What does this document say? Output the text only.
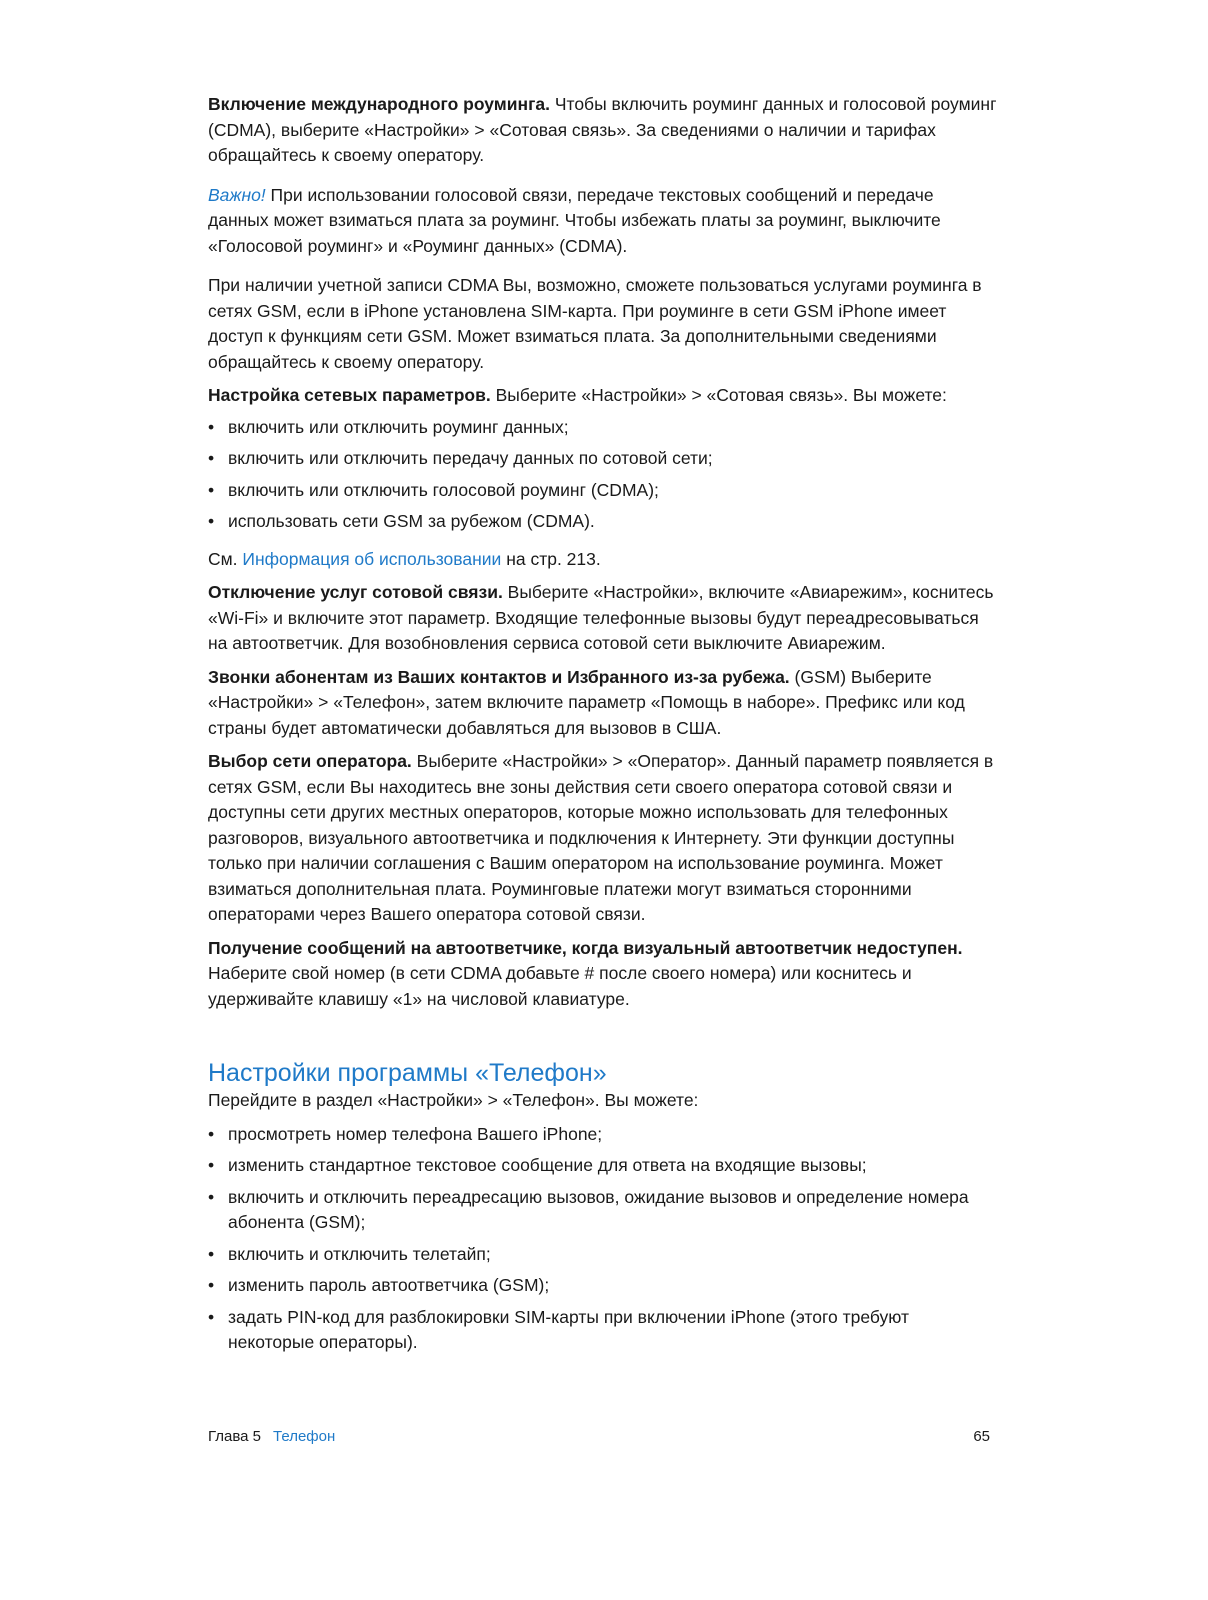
Включение международного роуминга. Чтобы включить роуминг данных и голосовой роуминг (CDMA), выберите «Настройки» > «Сотовая связь». За сведениями о наличии и тарифах обращайтесь к своему оператору.

Важно! При использовании голосовой связи, передаче текстовых сообщений и передаче данных может взиматься плата за роуминг. Чтобы избежать платы за роуминг, выключите «Голосовой роуминг» и «Роуминг данных» (CDMA).

При наличии учетной записи CDMA Вы, возможно, сможете пользоваться услугами роуминга в сетях GSM, если в iPhone установлена SIM-карта. При роуминге в сети GSM iPhone имеет доступ к функциям сети GSM. Может взиматься плата. За дополнительными сведениями обращайтесь к своему оператору.

Настройка сетевых параметров. Выберите «Настройки» > «Сотовая связь». Вы можете:

• включить или отключить роуминг данных;
• включить или отключить передачу данных по сотовой сети;
• включить или отключить голосовой роуминг (CDMA);
• использовать сети GSM за рубежом (CDMA).

См. Информация об использовании на стр. 213.

Отключение услуг сотовой связи. Выберите «Настройки», включите «Авиарежим», коснитесь «Wi-Fi» и включите этот параметр. Входящие телефонные вызовы будут переадресовываться на автоответчик. Для возобновления сервиса сотовой сети выключите Авиарежим.

Звонки абонентам из Ваших контактов и Избранного из-за рубежа. (GSM) Выберите «Настройки» > «Телефон», затем включите параметр «Помощь в наборе». Префикс или код страны будет автоматически добавляться для вызовов в США.

Выбор сети оператора. Выберите «Настройки» > «Оператор». Данный параметр появляется в сетях GSM, если Вы находитесь вне зоны действия сети своего оператора сотовой связи и доступны сети других местных операторов, которые можно использовать для телефонных разговоров, визуального автоответчика и подключения к Интернету. Эти функции доступны только при наличии соглашения с Вашим оператором на использование роуминга. Может взиматься дополнительная плата. Роуминговые платежи могут взиматься сторонними операторами через Вашего оператора сотовой связи.

Получение сообщений на автоответчике, когда визуальный автоответчик недоступен.
Наберите свой номер (в сети CDMA добавьте # после своего номера) или коснитесь и удерживайте клавишу «1» на числовой клавиатуре.

Настройки программы «Телефон»

Перейдите в раздел «Настройки» > «Телефон». Вы можете:

• просмотреть номер телефона Вашего iPhone;
• изменить стандартное текстовое сообщение для ответа на входящие вызовы;
• включить и отключить переадресацию вызовов, ожидание вызовов и определение номера абонента (GSM);
• включить и отключить телетайп;
• изменить пароль автоответчика (GSM);
• задать PIN-код для разблокировки SIM-карты при включении iPhone (этого требуют некоторые операторы).
Глава 5 Телефон	65
